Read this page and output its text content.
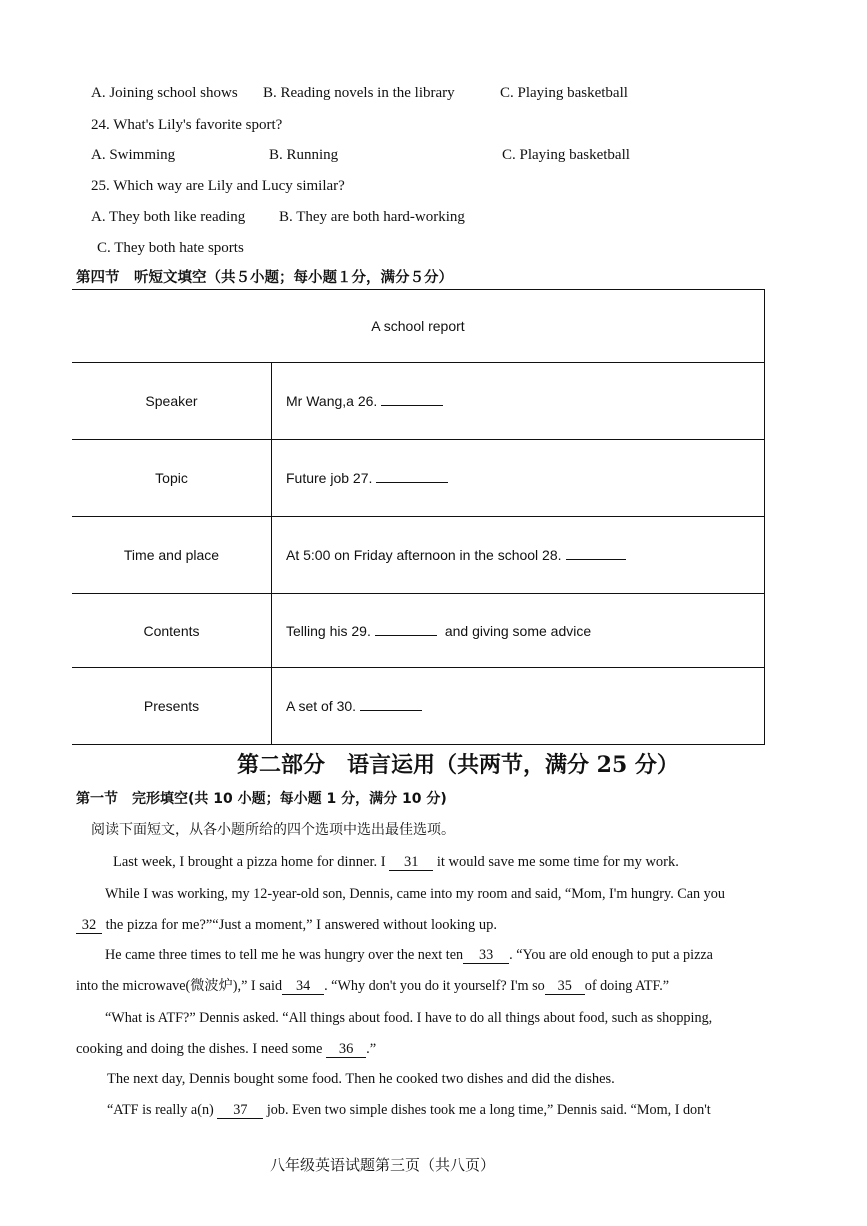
A. Joining school shows B. Reading novels in the library	C. Playing basketball
24. What's Lily's favorite sport?
A. Swimming	B. Running	C. Playing basketball
25. Which way are Lily and Lucy similar?
A. They both like reading B. They are both hard-working
C. They both hate sports
第四节　听短文填空（共５小题；每小题１分，满分５分）
A school report	
Speaker	Mr Wang,a 26.
Topic	Future job 27.
Time and place	At 5:00 on Friday afternoon in the school 28.
Contents	Telling his 29. and giving some advice
Presents	A set of 30.
第二部分　语言运用（共两节，满分 25 分）
第一节　完形填空(共 10 小题；每小题 1 分，满分 10 分)
阅读下面短文，从各小题所给的四个选项中选出最佳选项。
Last week, I brought a pizza home for dinner. I 31 it would save me some time for my work.
While I was working, my 12-year-old son, Dennis, came into my room and said, “Mom, I'm hungry. Can you
32 the pizza for me?”“Just a moment,” I answered without looking up.
He came three times to tell me he was hungry over the next ten 33 . “You are old enough to put a pizza
into the microwave(微波炉),” I said 34 . “Why don't you do it yourself? I'm so 35 of doing ATF.”
“What is ATF?” Dennis asked. “All things about food. I have to do all things about food, such as shopping,
cooking and doing the dishes. I need some 36 .”
The next day, Dennis bought some food. Then he cooked two dishes and did the dishes.
“ATF is really a(n) 37 job. Even two simple dishes took me a long time,” Dennis said. “Mom, I don't
八年级英语试题第三页（共八页）
